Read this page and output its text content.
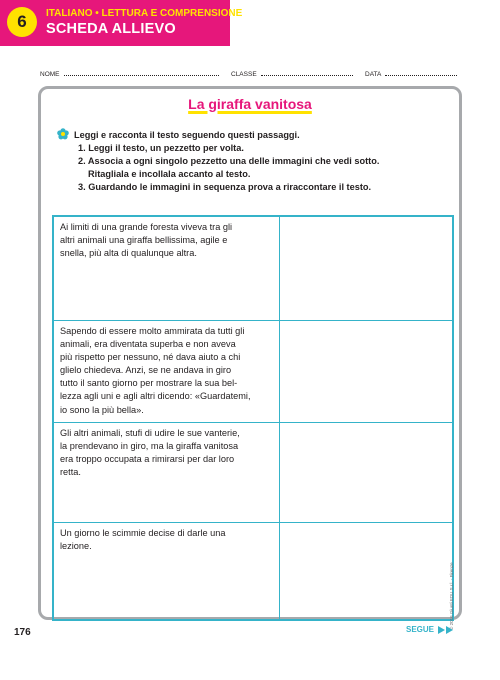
6	ITALIANO • LETTURA E COMPRENSIONE
SCHEDA ALLIEVO
NOME	CLASSE	DATA
La giraffa vanitosa
Leggi e racconta il testo seguendo questi passaggi.
1. Leggi il testo, un pezzetto per volta.
2. Associa a ogni singolo pezzetto una delle immagini che vedi sotto.
Ritagliala e incollala accanto al testo.
3. Guardando le immagini in sequenza prova a riraccontare il testo.
Ai limiti di una grande foresta viveva tra gli
altri animali una giraffa bellissima, agile e
snella, più alta di qualunque altra.
Sapendo di essere molto ammirata da tutti gli
animali, era diventata superba e non aveva
più rispetto per nessuno, né dava aiuto a chi
glielo chiedeva. Anzi, se ne andava in giro
tutto il santo giorno per mostrare la sua bel-
lezza agli uni e agli altri dicendo: «Guardatemi,
io sono la più bella».
Gli altri animali, stufi di udire le sue vanterie,
la prendevano in giro, ma la giraffa vanitosa
era troppo occupata a rimirarsi per dar loro
retta.
Un giorno le scimmie decise di darle una
lezione.
© 2016 Giunti EDU S.r.l. - Firenze
176	SEGUE
